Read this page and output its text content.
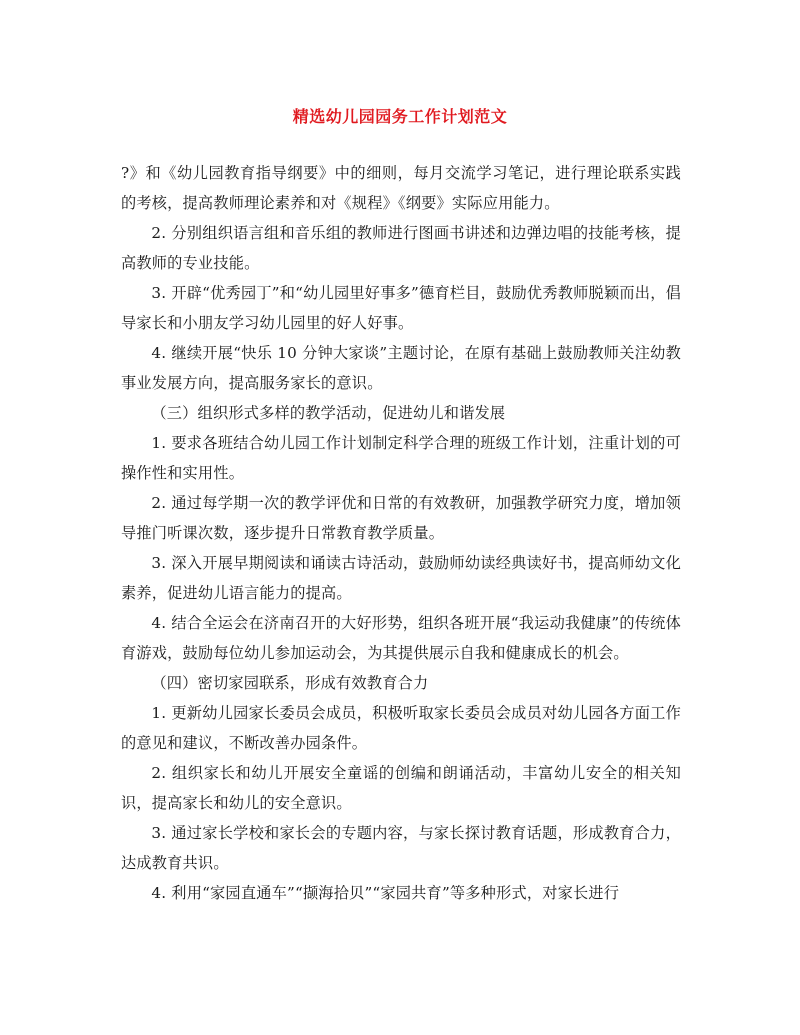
精选幼儿园园务工作计划范文

?》和《幼儿园教育指导纲要》中的细则，每月交流学习笔记，进行理论联系实践的考核，提高教师理论素养和对《规程》《纲要》实际应用能力。

2. 分别组织语言组和音乐组的教师进行图画书讲述和边弹边唱的技能考核，提高教师的专业技能。

3. 开辟“优秀园丁”和“幼儿园里好事多”德育栏目，鼓励优秀教师脱颖而出，倡导家长和小朋友学习幼儿园里的好人好事。

4. 继续开展“快乐 10 分钟大家谈”主题讨论，在原有基础上鼓励教师关注幼教事业发展方向，提高服务家长的意识。

（三）组织形式多样的教学活动，促进幼儿和谐发展

1. 要求各班结合幼儿园工作计划制定科学合理的班级工作计划，注重计划的可操作性和实用性。

2. 通过每学期一次的教学评优和日常的有效教研，加强教学研究力度，增加领导推门听课次数，逐步提升日常教育教学质量。

3. 深入开展早期阅读和诵读古诗活动，鼓励师幼读经典读好书，提高师幼文化素养，促进幼儿语言能力的提高。

4. 结合全运会在济南召开的大好形势，组织各班开展“我运动我健康”的传统体育游戏，鼓励每位幼儿参加运动会，为其提供展示自我和健康成长的机会。

（四）密切家园联系，形成有效教育合力

1. 更新幼儿园家长委员会成员，积极听取家长委员会成员对幼儿园各方面工作的意见和建议，不断改善办园条件。

2. 组织家长和幼儿开展安全童谣的创编和朗诵活动，丰富幼儿安全的相关知识，提高家长和幼儿的安全意识。

3. 通过家长学校和家长会的专题内容，与家长探讨教育话题，形成教育合力，达成教育共识。

4. 利用“家园直通车”“撷海拾贝”“家园共育”等多种形式，对家长进行
